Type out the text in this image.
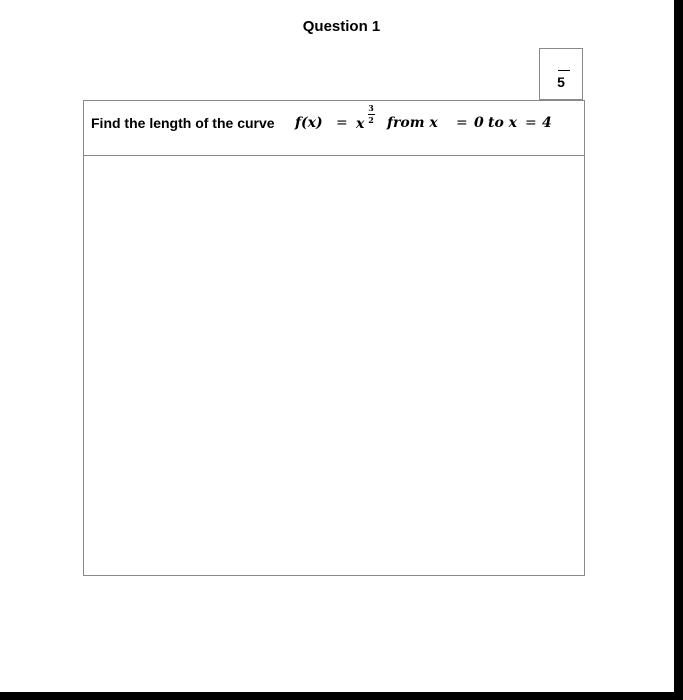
Question 1
5
Find the length of the curve f(x) = x
3
2 from x = 0 to x = 4
